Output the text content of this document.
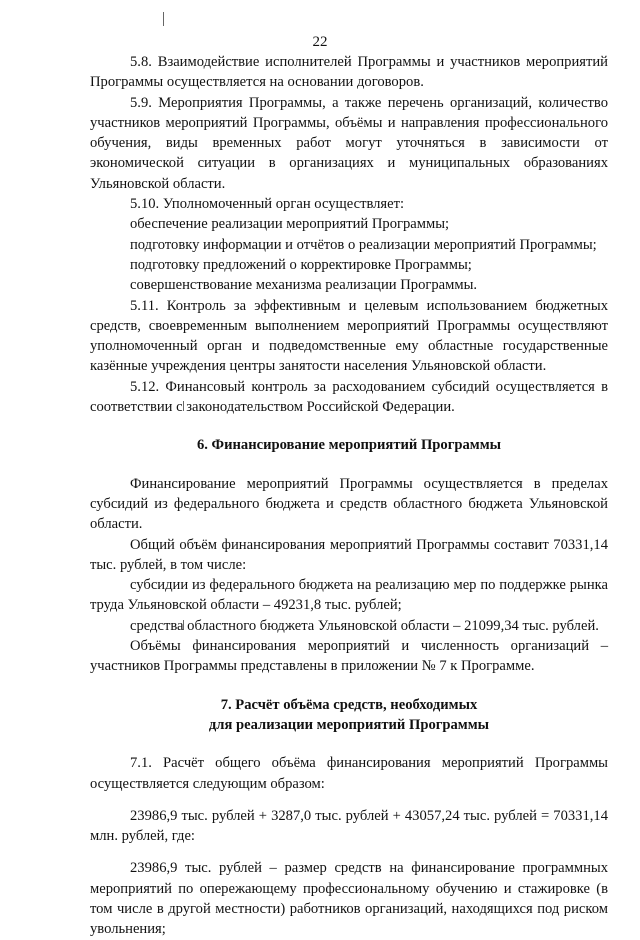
22

5.8. Взаимодействие исполнителей Программы и участников мероприятий Программы осуществляется на основании договоров.

5.9. Мероприятия Программы, а также перечень организаций, количество участников мероприятий Программы, объёмы и направления профессионального обучения, виды временных работ могут уточняться в зависимости от экономической ситуации в организациях и муниципальных образованиях Ульяновской области.

5.10. Уполномоченный орган осуществляет:

обеспечение реализации мероприятий Программы;

подготовку информации и отчётов о реализации мероприятий Программы;

подготовку предложений о корректировке Программы;

совершенствование механизма реализации Программы.

5.11. Контроль за эффективным и целевым использованием бюджетных средств, своевременным выполнением мероприятий Программы осуществляют уполномоченный орган и подведомственные ему областные государственные казённые учреждения центры занятости населения Ульяновской области.

5.12. Финансовый контроль за расходованием субсидий осуществляется в соответствии с законодательством Российской Федерации.

6. Финансирование мероприятий Программы

Финансирование мероприятий Программы осуществляется в пределах субсидий из федерального бюджета и средств областного бюджета Ульяновской области.

Общий объём финансирования мероприятий Программы составит 70331,14 тыс. рублей, в том числе:

субсидии из федерального бюджета на реализацию мер по поддержке рынка труда Ульяновской области – 49231,8 тыс. рублей;

средства областного бюджета Ульяновской области – 21099,34 тыс. рублей.

Объёмы финансирования мероприятий и численность организаций – участников Программы представлены в приложении № 7 к Программе.

7. Расчёт объёма средств, необходимых
для реализации мероприятий Программы

7.1. Расчёт общего объёма финансирования мероприятий Программы осуществляется следующим образом:

23986,9 тыс. рублей + 3287,0 тыс. рублей + 43057,24 тыс. рублей = 70331,14 млн. рублей, где:

23986,9 тыс. рублей – размер средств на финансирование программных мероприятий по опережающему профессиональному обучению и стажировке (в том числе в другой местности) работников организаций, находящихся под риском увольнения;
